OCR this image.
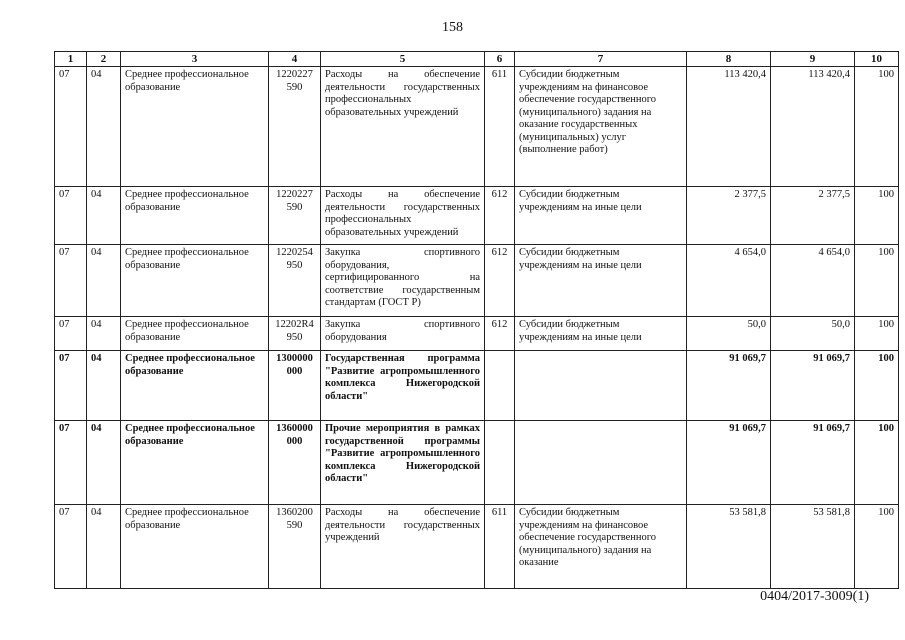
158
1	2	3	4	5	6	7	8	9	10
07	04	Среднее профессиональное образование	1220227 590	Расходы на обеспечение деятельности государственных профессиональных образовательных учреждений	611	Субсидии бюджетным учреждениям на финансовое обеспечение государственного (муниципального) задания на оказание государственных (муниципальных) услуг (выполнение работ)	113 420,4	113 420,4	100
07	04	Среднее профессиональное образование	1220227 590	Расходы на обеспечение деятельности государственных профессиональных образовательных учреждений	612	Субсидии бюджетным учреждениям на иные цели	2 377,5	2 377,5	100
07	04	Среднее профессиональное образование	1220254 950	Закупка спортивного оборудования, сертифицированного на соответствие государственным стандартам (ГОСТ Р)	612	Субсидии бюджетным учреждениям на иные цели	4 654,0	4 654,0	100
07	04	Среднее профессиональное образование	12202R4 950	Закупка спортивного оборудования	612	Субсидии бюджетным учреждениям на иные цели	50,0	50,0	100
07	04	Среднее профессиональное образование	1300000 000	Государственная программа "Развитие агропромышленного комплекса Нижегородской области"			91 069,7	91 069,7	100
07	04	Среднее профессиональное образование	1360000 000	Прочие мероприятия в рамках государственной программы "Развитие агропромышленного комплекса Нижегородской области"			91 069,7	91 069,7	100
07	04	Среднее профессиональное образование	1360200 590	Расходы на обеспечение деятельности государственных учреждений	611	Субсидии бюджетным учреждениям на финансовое обеспечение государственного (муниципального) задания на оказание	53 581,8	53 581,8	100
0404/2017-3009(1)
